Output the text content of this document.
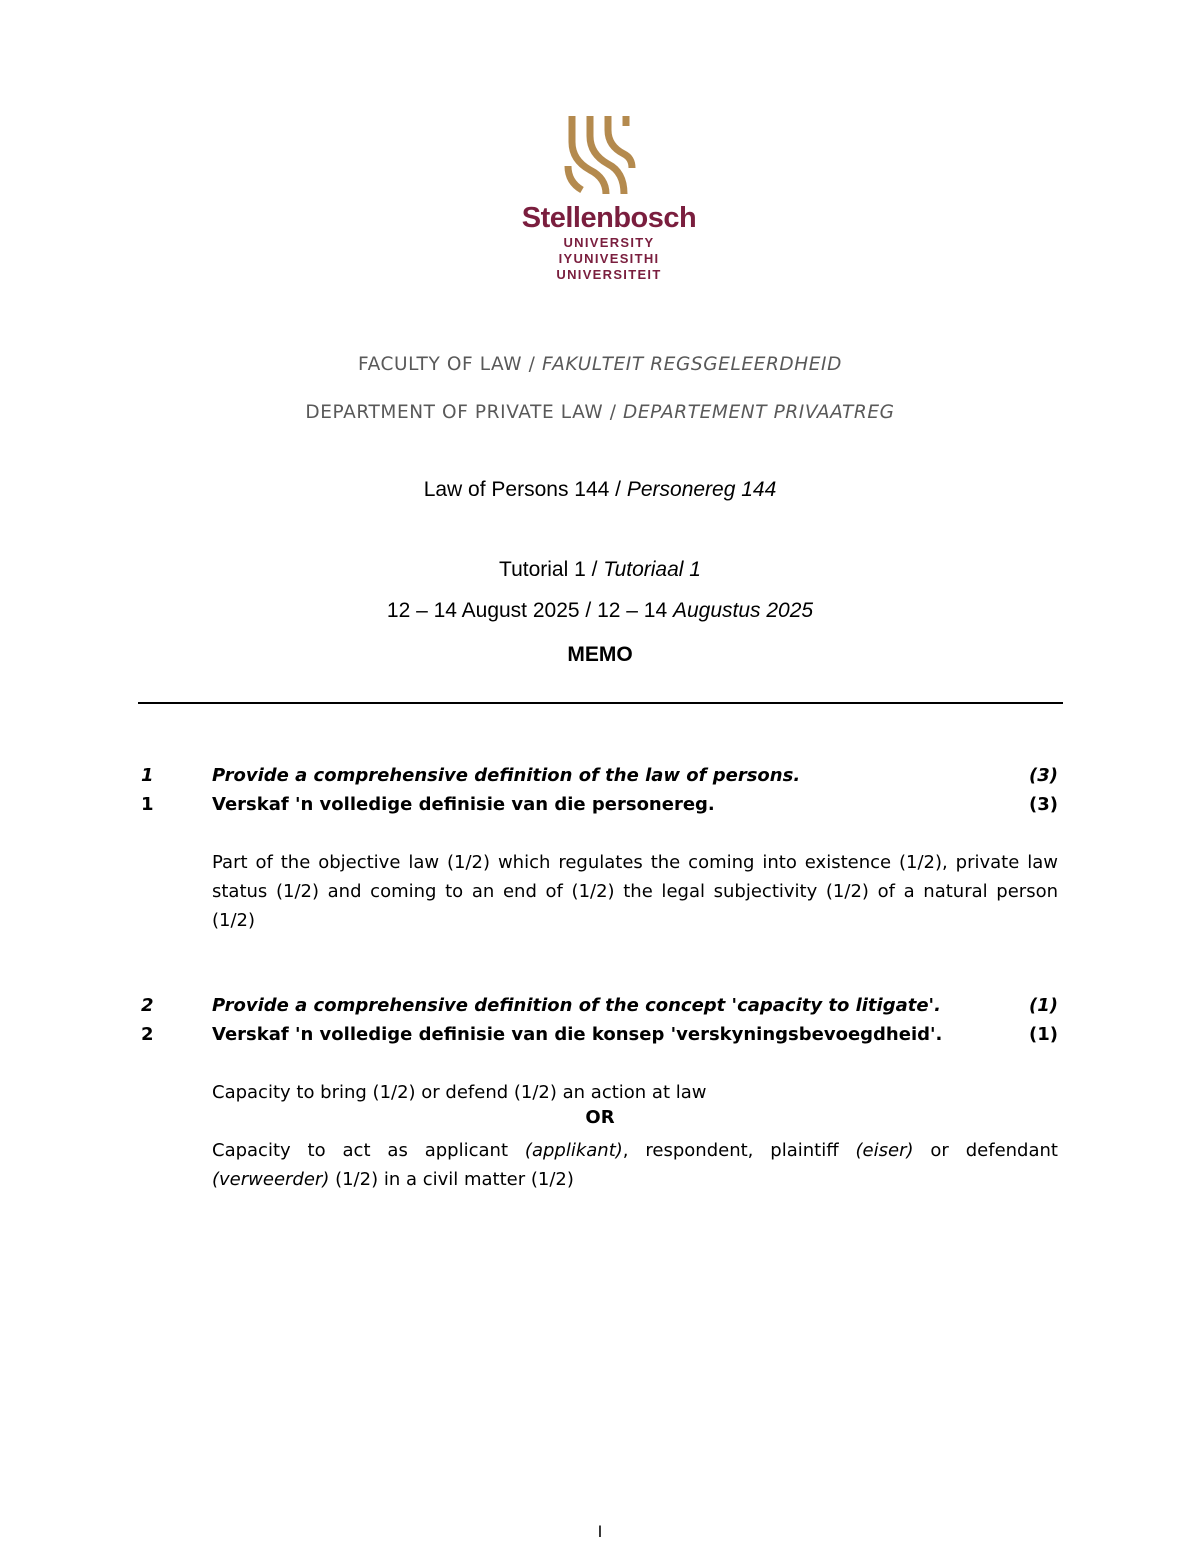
Stellenbosch
UNIVERSITY
IYUNIVESITHI
UNIVERSITEIT
FACULTY OF LAW / FAKULTEIT REGSGELEERDHEID
DEPARTMENT OF PRIVATE LAW / DEPARTEMENT PRIVAATREG
Law of Persons 144 / Personereg 144
Tutorial 1 / Tutoriaal 1
12 – 14 August 2025 / 12 – 14 Augustus 2025
MEMO
1	Provide a comprehensive definition of the law of persons.	(3)
1	Verskaf 'n volledige definisie van die personereg.	(3)
Part of the objective law (1/2) which regulates the coming into existence (1/2), private law status (1/2) and coming to an end of (1/2) the legal subjectivity (1/2) of a natural person (1/2)
2	Provide a comprehensive definition of the concept 'capacity to litigate'.	(1)
2	Verskaf 'n volledige definisie van die konsep 'verskyningsbevoegdheid'.	(1)
Capacity to bring (1/2) or defend (1/2) an action at law
OR
Capacity to act as applicant (applikant), respondent, plaintiff (eiser) or defendant (verweerder) (1/2) in a civil matter (1/2)
I
